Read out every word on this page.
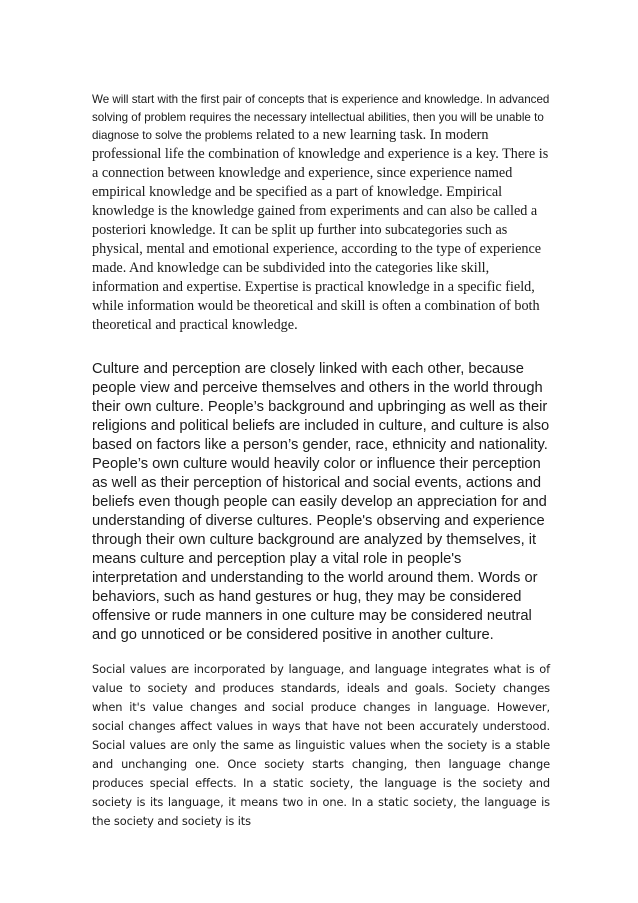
We will start with the first pair of concepts that is experience and knowledge. In advanced solving of problem requires the necessary intellectual abilities, then you will be unable to diagnose to solve the problems related to a new learning task. In modern professional life the combination of knowledge and experience is a key. There is a connection between knowledge and experience, since experience named empirical knowledge and be specified as a part of knowledge. Empirical knowledge is the knowledge gained from experiments and can also be called a posteriori knowledge. It can be split up further into subcategories such as physical, mental and emotional experience, according to the type of experience made. And knowledge can be subdivided into the categories like skill, information and expertise. Expertise is practical knowledge in a specific field, while information would be theoretical and skill is often a combination of both theoretical and practical knowledge.

Culture and perception are closely linked with each other, because people view and perceive themselves and others in the world through their own culture. People’s background and upbringing as well as their religions and political beliefs are included in culture, and culture is also based on factors like a person’s gender, race, ethnicity and nationality. People’s own culture would heavily color or influence their perception as well as their perception of historical and social events, actions and beliefs even though people can easily develop an appreciation for and understanding of diverse cultures. People's observing and experience through their own culture background are analyzed by themselves, it means culture and perception play a vital role in people's interpretation and understanding to the world around them. Words or behaviors, such as hand gestures or hug, they may be considered offensive or rude manners in one culture may be considered neutral and go unnoticed or be considered positive in another culture.

Social values are incorporated by language, and language integrates what is of value to society and produces standards, ideals and goals. Society changes when it's value changes and social produce changes in language. However, social changes affect values in ways that have not been accurately understood. Social values are only the same as linguistic values when the society is a stable and unchanging one. Once society starts changing, then language change produces special effects. In a static society, the language is the society and society is its language, it means two in one. In a static society, the language is the society and society is its
